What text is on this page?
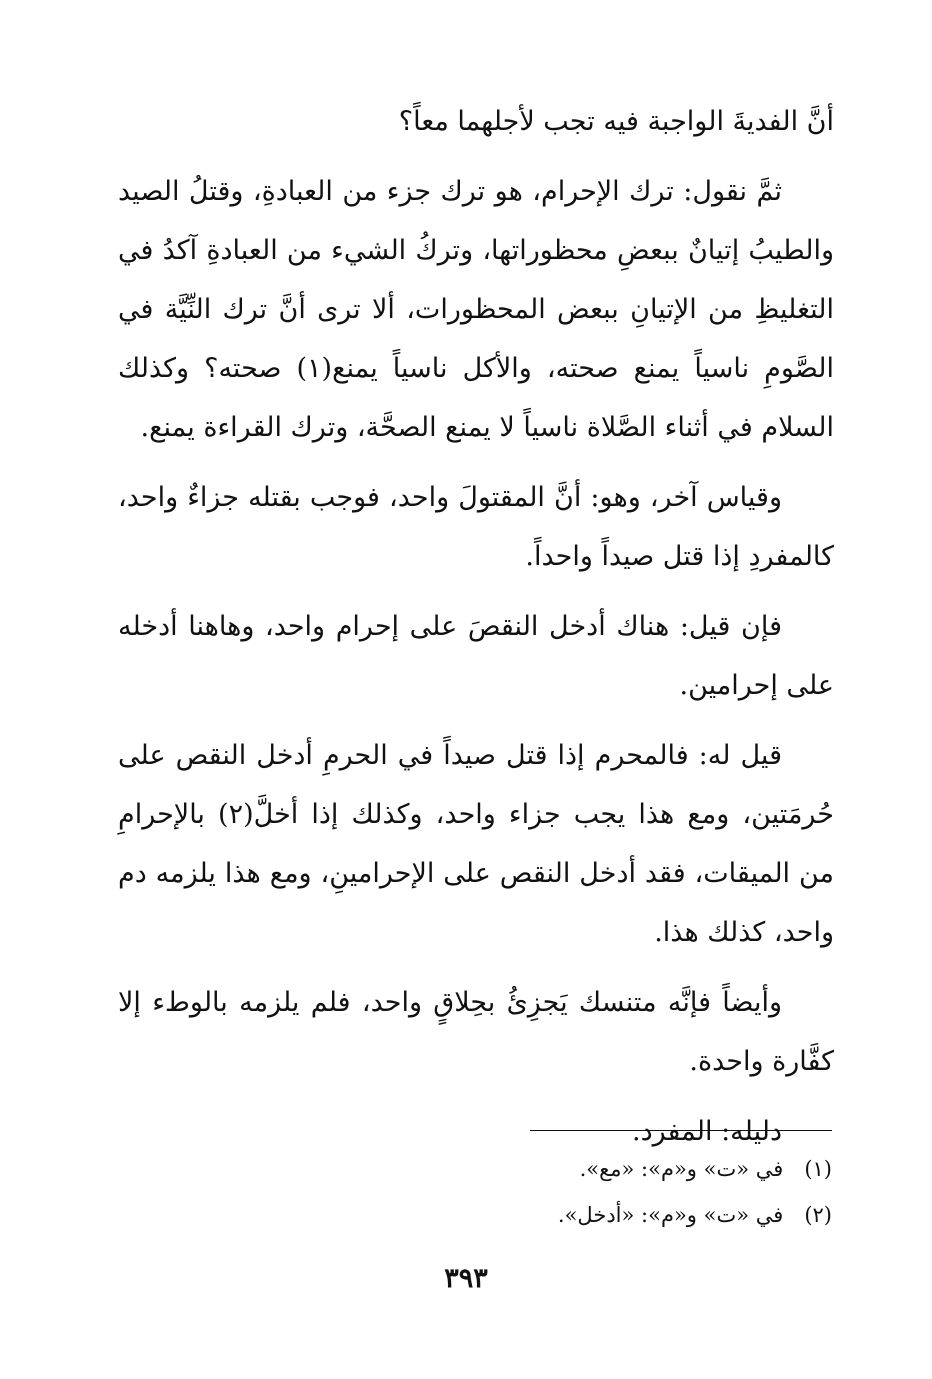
أنَّ الفديةَ الواجبة فيه تجب لأجلهما معاً؟

ثمَّ نقول: ترك الإحرام، هو ترك جزء من العبادةِ، وقتلُ الصيد والطيبُ إتيانٌ ببعضِ محظوراتها، وتركُ الشيء من العبادةِ آكدُ في التغليظِ من الإتيانِ ببعض المحظورات، ألا ترى أنَّ ترك النِّيَّة في الصَّومِ ناسياً يمنع صحته، والأكل ناسياً يمنع(١) صحته؟ وكذلك السلام في أثناء الصَّلاة ناسياً لا يمنع الصحَّة، وترك القراءة يمنع.

وقياس آخر، وهو: أنَّ المقتولَ واحد، فوجب بقتله جزاءٌ واحد، كالمفردِ إذا قتل صيداً واحداً.

فإن قيل: هناك أدخل النقصَ على إحرام واحد، وهاهنا أدخله على إحرامين.

قيل له: فالمحرم إذا قتل صيداً في الحرمِ أدخل النقص على حُرمَتين، ومع هذا يجب جزاء واحد، وكذلك إذا أخلَّ(٢) بالإحرامِ من الميقات، فقد أدخل النقص على الإحرامينِ، ومع هذا يلزمه دم واحد، كذلك هذا.

وأيضاً فإنَّه متنسك يَجزِئُ بحِلاقٍ واحد، فلم يلزمه بالوطء إلا كفَّارة واحدة.

دليله: المفرد.

(١) في «ت» و«م»: «مع».

(٢) في «ت» و«م»: «أدخل».

٣٩٣
